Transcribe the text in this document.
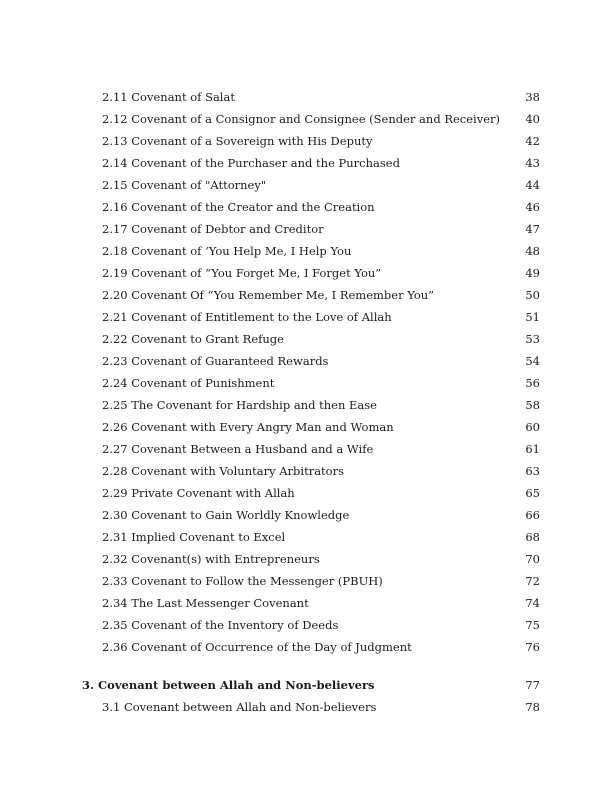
2.11 Covenant of Salat	38
2.12 Covenant of a Consignor and Consignee (Sender and Receiver) 40
2.13 Covenant of a Sovereign with His Deputy	42
2.14 Covenant of the Purchaser and the Purchased	43
2.15 Covenant of "Attorney"	44
2.16 Covenant of the Creator and the Creation	46
2.17 Covenant of Debtor and Creditor	47
2.18 Covenant of ‘You Help Me, I Help You	48
2.19 Covenant of “You Forget Me, I Forget You”	49
2.20 Covenant Of “You Remember Me, I Remember You”	50
2.21 Covenant of Entitlement to the Love of Allah	51
2.22 Covenant to Grant Refuge	53
2.23 Covenant of Guaranteed Rewards	54
2.24 Covenant of Punishment	56
2.25 The Covenant for Hardship and then Ease	58
2.26 Covenant with Every Angry Man and Woman	60
2.27 Covenant Between a Husband and a Wife	61
2.28 Covenant with Voluntary Arbitrators	63
2.29 Private Covenant with Allah	65
2.30 Covenant to Gain Worldly Knowledge	66
2.31 Implied Covenant to Excel	68
2.32 Covenant(s) with Entrepreneurs	70
2.33 Covenant to Follow the Messenger (PBUH)	72
2.34 The Last Messenger Covenant	74
2.35 Covenant of the Inventory of Deeds	75
2.36 Covenant of Occurrence of the Day of Judgment	76
3. Covenant between Allah and Non-believers	77
3.1 Covenant between Allah and Non-believers	78
